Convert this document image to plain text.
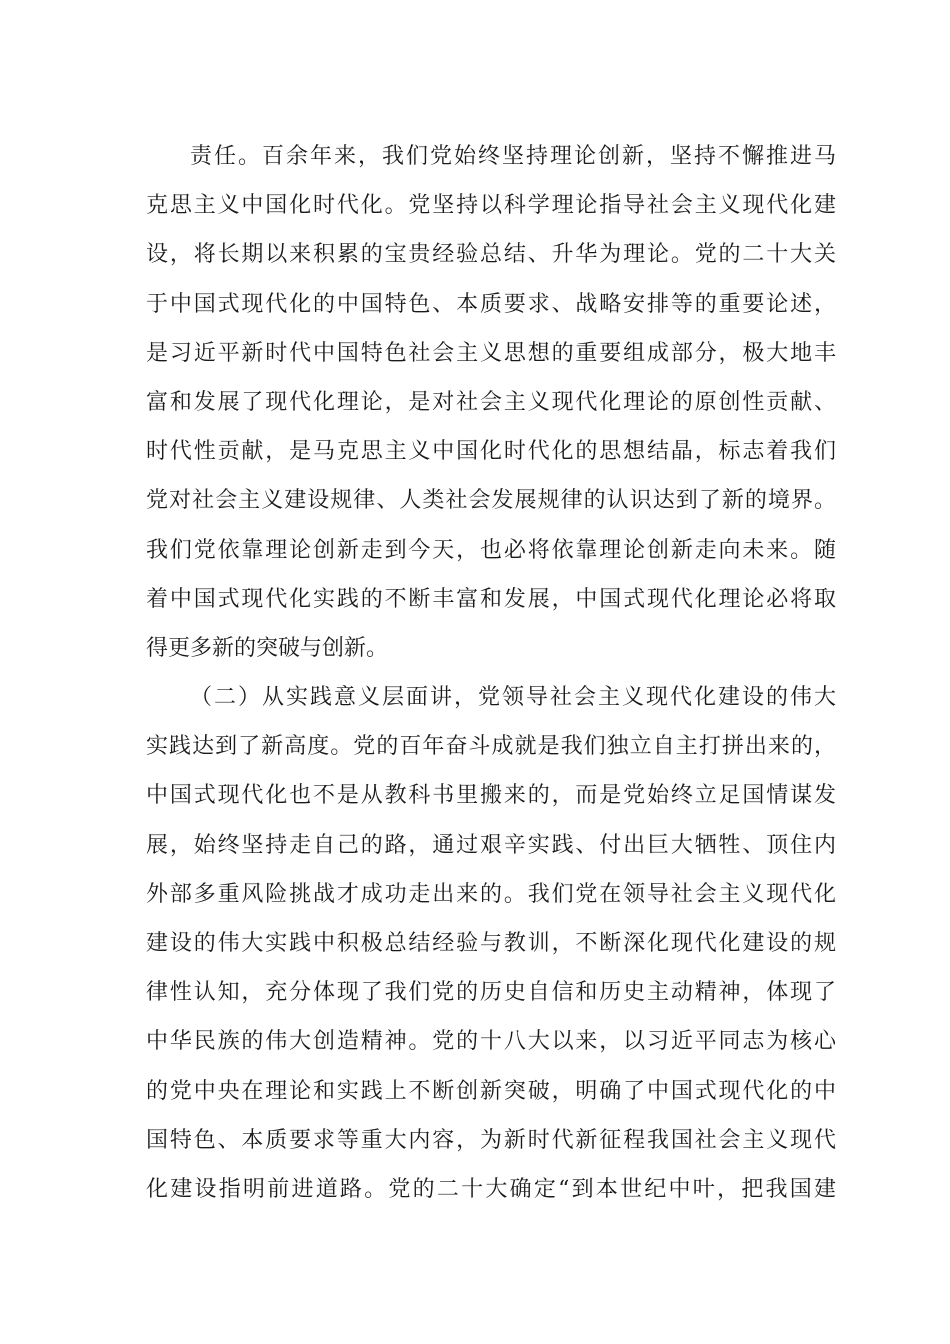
责任。百余年来，我们党始终坚持理论创新，坚持不懈推进马
克思主义中国化时代化。党坚持以科学理论指导社会主义现代化建
设，将长期以来积累的宝贵经验总结、升华为理论。党的二十大关
于中国式现代化的中国特色、本质要求、战略安排等的重要论述，
是习近平新时代中国特色社会主义思想的重要组成部分，极大地丰
富和发展了现代化理论，是对社会主义现代化理论的原创性贡献、
时代性贡献，是马克思主义中国化时代化的思想结晶，标志着我们
党对社会主义建设规律、人类社会发展规律的认识达到了新的境界。
我们党依靠理论创新走到今天，也必将依靠理论创新走向未来。随
着中国式现代化实践的不断丰富和发展，中国式现代化理论必将取
得更多新的突破与创新。
（二）从实践意义层面讲，党领导社会主义现代化建设的伟大
实践达到了新高度。党的百年奋斗成就是我们独立自主打拼出来的，
中国式现代化也不是从教科书里搬来的，而是党始终立足国情谋发
展，始终坚持走自己的路，通过艰辛实践、付出巨大牺牲、顶住内
外部多重风险挑战才成功走出来的。我们党在领导社会主义现代化
建设的伟大实践中积极总结经验与教训，不断深化现代化建设的规
律性认知，充分体现了我们党的历史自信和历史主动精神，体现了
中华民族的伟大创造精神。党的十八大以来，以习近平同志为核心
的党中央在理论和实践上不断创新突破，明确了中国式现代化的中
国特色、本质要求等重大内容，为新时代新征程我国社会主义现代
化建设指明前进道路。党的二十大确定“到本世纪中叶，把我国建
